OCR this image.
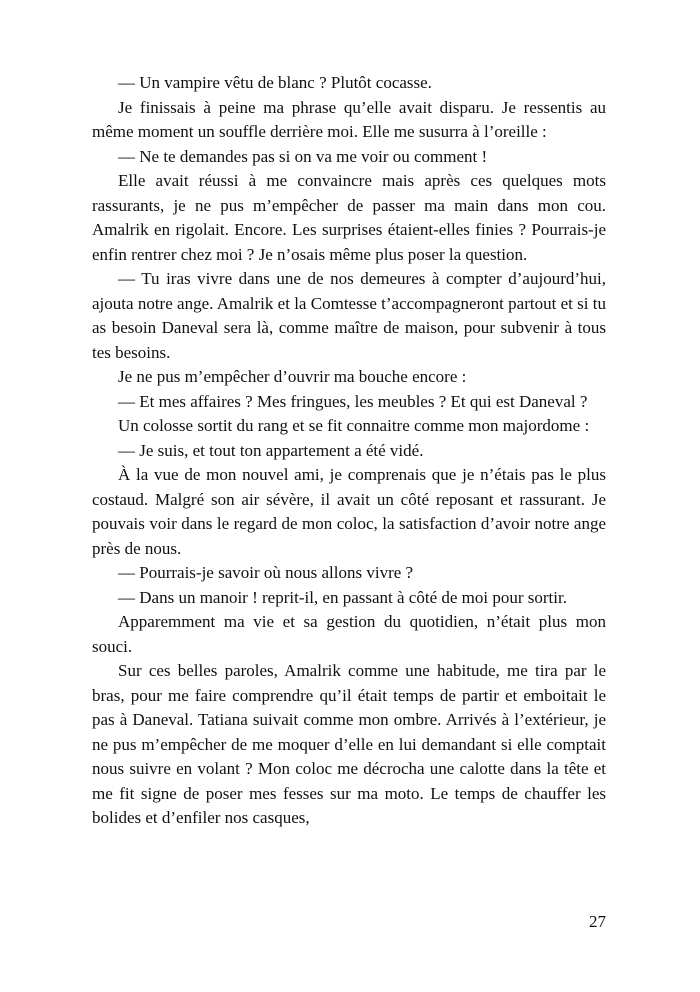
— Un vampire vêtu de blanc ? Plutôt cocasse.

Je finissais à peine ma phrase qu’elle avait disparu. Je ressentis au même moment un souffle derrière moi. Elle me susurra à l’oreille :

— Ne te demandes pas si on va me voir ou comment !

Elle avait réussi à me convaincre mais après ces quelques mots rassurants, je ne pus m’empêcher de passer ma main dans mon cou. Amalrik en rigolait. Encore. Les surprises étaient-elles finies ? Pourrais-je enfin rentrer chez moi ? Je n’osais même plus poser la question.

— Tu iras vivre dans une de nos demeures à compter d’aujourd’hui, ajouta notre ange. Amalrik et la Comtesse t’accompagneront partout et si tu as besoin Daneval sera là, comme maître de maison, pour subvenir à tous tes besoins.

Je ne pus m’empêcher d’ouvrir ma bouche encore :

— Et mes affaires ? Mes fringues, les meubles ? Et qui est Daneval ?

Un colosse sortit du rang et se fit connaitre comme mon majordome :

— Je suis, et tout ton appartement a été vidé.

À la vue de mon nouvel ami, je comprenais que je n’étais pas le plus costaud. Malgré son air sévère, il avait un côté reposant et rassurant. Je pouvais voir dans le regard de mon coloc, la satisfaction d’avoir notre ange près de nous.

— Pourrais-je savoir où nous allons vivre ?

— Dans un manoir ! reprit-il, en passant à côté de moi pour sortir.

Apparemment ma vie et sa gestion du quotidien, n’était plus mon souci.

Sur ces belles paroles, Amalrik comme une habitude, me tira par le bras, pour me faire comprendre qu’il était temps de partir et emboitait le pas à Daneval. Tatiana suivait comme mon ombre. Arrivés à l’extérieur, je ne pus m’empêcher de me moquer d’elle en lui demandant si elle comptait nous suivre en volant ? Mon coloc me décrocha une calotte dans la tête et me fit signe de poser mes fesses sur ma moto. Le temps de chauffer les bolides et d’enfiler nos casques,

27
